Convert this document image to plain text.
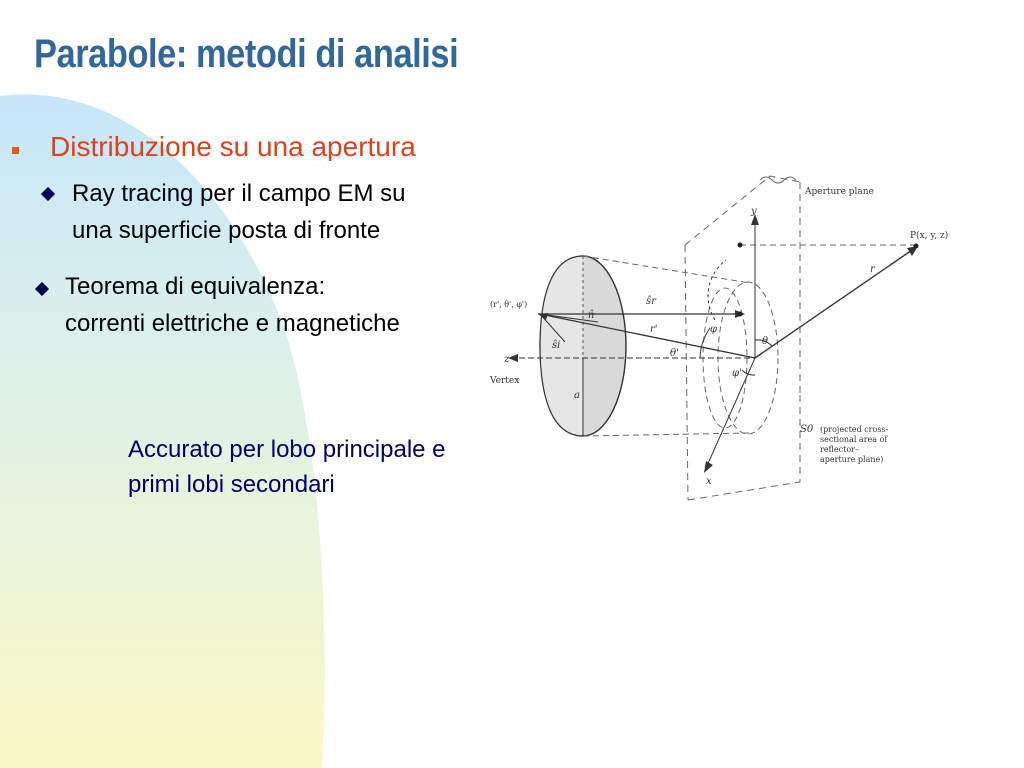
Parabole: metodi di analisi
Distribuzione su una apertura
Ray tracing per il campo EM su
una superficie posta di fronte
Teorema di equivalenza:
correnti elettriche e magnetiche
Accurato per lobo principale e
primi lobi secondari
Aperture plane
P(x, y, z)
(r', θ', φ')
Vertex
z
y
x
r
r'
a
θ
θ'
φ
φ'
n̂
ŝr
ŝi
S0 (projected cross-
sectional area of
reflector–
aperture plane)
